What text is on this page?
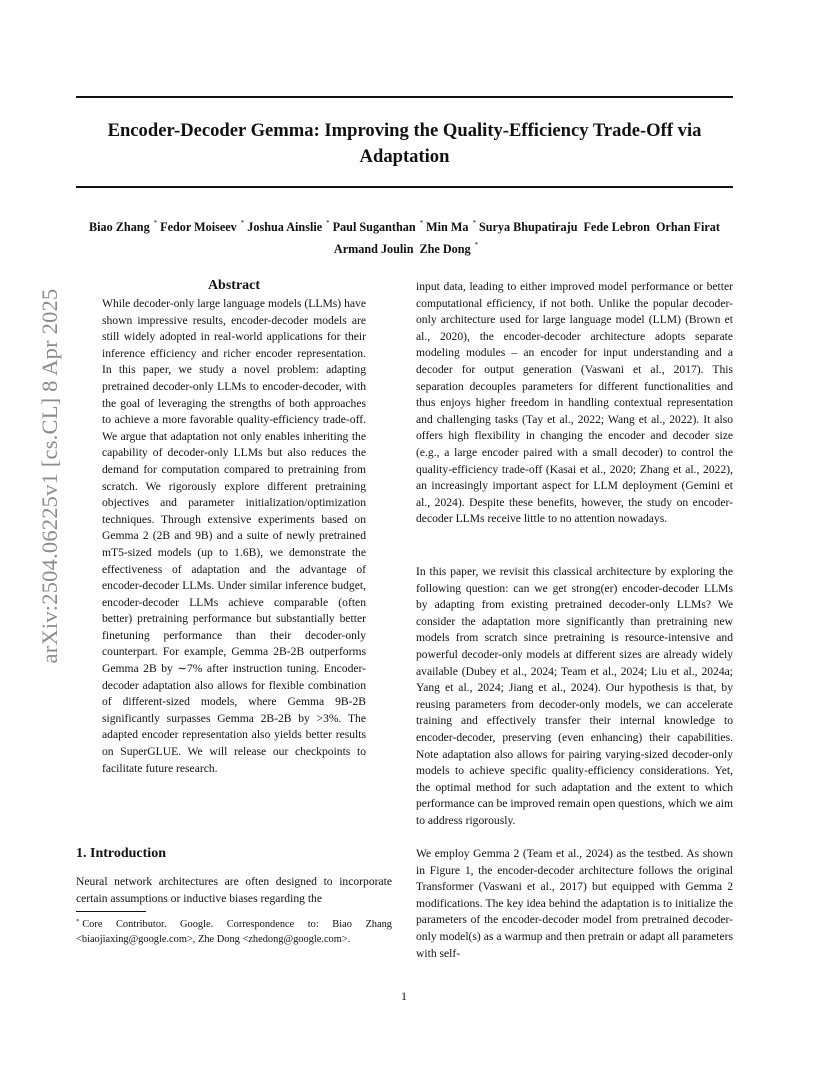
Encoder-Decoder Gemma: Improving the Quality-Efficiency Trade-Off via Adaptation
Biao Zhang * Fedor Moiseev * Joshua Ainslie * Paul Suganthan * Min Ma * Surya Bhupatiraju Fede Lebron Orhan Firat
Armand Joulin Zhe Dong *
arXiv:2504.06225v1 [cs.CL] 8 Apr 2025
Abstract

While decoder-only large language models (LLMs) have shown impressive results, encoder-decoder models are still widely adopted in real-world applications for their inference efficiency and richer encoder representation. In this paper, we study a novel problem: adapting pretrained decoder-only LLMs to encoder-decoder, with the goal of leveraging the strengths of both approaches to achieve a more favorable quality-efficiency trade-off. We argue that adaptation not only enables inheriting the capability of decoder-only LLMs but also reduces the demand for computation compared to pretraining from scratch. We rigorously explore different pretraining objectives and parameter initialization/optimization techniques. Through extensive experiments based on Gemma 2 (2B and 9B) and a suite of newly pretrained mT5-sized models (up to 1.6B), we demonstrate the effectiveness of adaptation and the advantage of encoder-decoder LLMs. Under similar inference budget, encoder-decoder LLMs achieve comparable (often better) pretraining performance but substantially better finetuning performance than their decoder-only counterpart. For example, Gemma 2B-2B outperforms Gemma 2B by ∼7% after instruction tuning. Encoder-decoder adaptation also allows for flexible combination of different-sized models, where Gemma 9B-2B significantly surpasses Gemma 2B-2B by >3%. The adapted encoder representation also yields better results on SuperGLUE. We will release our checkpoints to facilitate future research.

1. Introduction

Neural network architectures are often designed to incorporate certain assumptions or inductive biases regarding the

* Core Contributor. Google. Correspondence to: Biao Zhang <biaojiaxing@google.com>, Zhe Dong <zhedong@google.com>.

input data, leading to either improved model performance or better computational efficiency, if not both. Unlike the popular decoder-only architecture used for large language model (LLM) (Brown et al., 2020), the encoder-decoder architecture adopts separate modeling modules – an encoder for input understanding and a decoder for output generation (Vaswani et al., 2017). This separation decouples parameters for different functionalities and thus enjoys higher freedom in handling contextual representation and challenging tasks (Tay et al., 2022; Wang et al., 2022). It also offers high flexibility in changing the encoder and decoder size (e.g., a large encoder paired with a small decoder) to control the quality-efficiency trade-off (Kasai et al., 2020; Zhang et al., 2022), an increasingly important aspect for LLM deployment (Gemini et al., 2024). Despite these benefits, however, the study on encoder-decoder LLMs receive little to no attention nowadays.

In this paper, we revisit this classical architecture by exploring the following question: can we get strong(er) encoder-decoder LLMs by adapting from existing pretrained decoder-only LLMs? We consider the adaptation more significantly than pretraining new models from scratch since pretraining is resource-intensive and powerful decoder-only models at different sizes are already widely available (Dubey et al., 2024; Team et al., 2024; Liu et al., 2024a; Yang et al., 2024; Jiang et al., 2024). Our hypothesis is that, by reusing parameters from decoder-only models, we can accelerate training and effectively transfer their internal knowledge to encoder-decoder, preserving (even enhancing) their capabilities. Note adaptation also allows for pairing varying-sized decoder-only models to achieve specific quality-efficiency considerations. Yet, the optimal method for such adaptation and the extent to which performance can be improved remain open questions, which we aim to address rigorously.

We employ Gemma 2 (Team et al., 2024) as the testbed. As shown in Figure 1, the encoder-decoder architecture follows the original Transformer (Vaswani et al., 2017) but equipped with Gemma 2 modifications. The key idea behind the adaptation is to initialize the parameters of the encoder-decoder model from pretrained decoder-only model(s) as a warmup and then pretrain or adapt all parameters with self-

1
